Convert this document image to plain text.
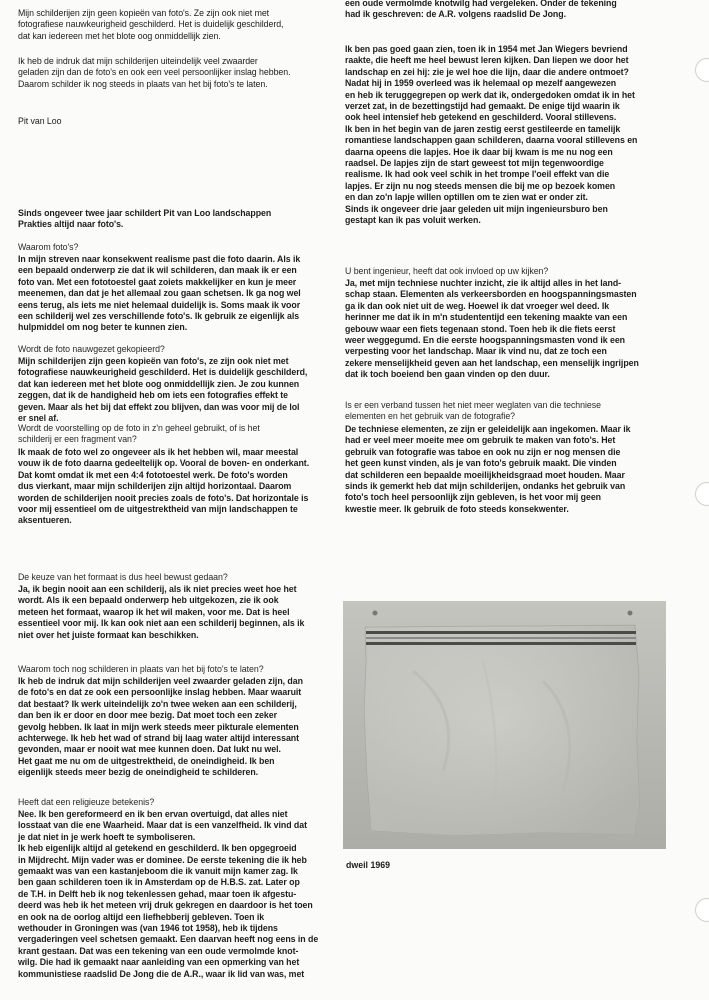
Mijn schilderijen zijn geen kopieën van foto's. Ze zijn ook niet met
fotografiese nauwkeurigheid geschilderd. Het is duidelijk geschilderd,
dat kan iedereen met het blote oog onmiddellijk zien.

Ik heb de indruk dat mijn schilderijen uiteindelijk veel zwaarder
geladen zijn dan de foto's en ook een veel persoonlijker inslag hebben.
Daarom schilder ik nog steeds in plaats van het bij foto's te laten.

Pit van Loo

Sinds ongeveer twee jaar schildert Pit van Loo landschappen
Prakties altijd naar foto's.

Waarom foto's?

In mijn streven naar konsekwent realisme past die foto daarin. Als ik
een bepaald onderwerp zie dat ik wil schilderen, dan maak ik er een
foto van. Met een fototoestel gaat zoiets makkelijker en kun je meer
meenemen, dan dat je het allemaal zou gaan schetsen. Ik ga nog wel
eens terug, als iets me niet helemaal duidelijk is. Soms maak ik voor
een schilderij wel zes verschillende foto's. Ik gebruik ze eigenlijk als
hulpmiddel om nog beter te kunnen zien.

Wordt de foto nauwgezet gekopieerd?

Mijn schilderijen zijn geen kopieën van foto's, ze zijn ook niet met
fotografiese nauwkeurigheid geschilderd. Het is duidelijk geschilderd,
dat kan iedereen met het blote oog onmiddellijk zien. Je zou kunnen
zeggen, dat ik de handigheid heb om iets een fotografies effekt te
geven. Maar als het bij dat effekt zou blijven, dan was voor mij de lol
er snel af.

Wordt de voorstelling op de foto in z'n geheel gebruikt, of is het
schilderij er een fragment van?

Ik maak de foto wel zo ongeveer als ik het hebben wil, maar meestal
vouw ik de foto daarna gedeeltelijk op. Vooral de boven- en onderkant.
Dat komt omdat ik met een 4:4 fototoestel werk. De foto's worden
dus vierkant, maar mijn schilderijen zijn altijd horizontaal. Daarom
worden de schilderijen nooit precies zoals de foto's. Dat horizontale is
voor mij essentieel om de uitgestrektheid van mijn landschappen te
aksentueren.

De keuze van het formaat is dus heel bewust gedaan?

Ja, ik begin nooit aan een schilderij, als ik niet precies weet hoe het
wordt. Als ik een bepaald onderwerp heb uitgekozen, zie ik ook
meteen het formaat, waarop ik het wil maken, voor me. Dat is heel
essentieel voor mij. Ik kan ook niet aan een schilderij beginnen, als ik
niet over het juiste formaat kan beschikken.

Waarom toch nog schilderen in plaats van het bij foto's te laten?

Ik heb de indruk dat mijn schilderijen veel zwaarder geladen zijn, dan
de foto's en dat ze ook een persoonlijke inslag hebben. Maar waaruit
dat bestaat? Ik werk uiteindelijk zo'n twee weken aan een schilderij,
dan ben ik er door en door mee bezig. Dat moet toch een zeker
gevolg hebben. Ik laat in mijn werk steeds meer pikturale elementen
achterwege. Ik heb het wad of strand bij laag water altijd interessant
gevonden, maar er nooit wat mee kunnen doen. Dat lukt nu wel.
Het gaat me nu om de uitgestrektheid, de oneindigheid. Ik ben
eigenlijk steeds meer bezig de oneindigheid te schilderen.

Heeft dat een religieuze betekenis?

Nee. Ik ben gereformeerd en ik ben ervan overtuigd, dat alles niet
losstaat van die ene Waarheid. Maar dat is een vanzelfheid. Ik vind dat
je dat niet in je werk hoeft te symboliseren.
Ik heb eigenlijk altijd al getekend en geschilderd. Ik ben opgegroeid
in Mijdrecht. Mijn vader was er dominee. De eerste tekening die ik heb
gemaakt was van een kastanjeboom die ik vanuit mijn kamer zag. Ik
ben gaan schilderen toen ik in Amsterdam op de H.B.S. zat. Later op
de T.H. in Delft heb ik nog tekenlessen gehad, maar toen ik afgestu-
deerd was heb ik het meteen vrij druk gekregen en daardoor is het toen
en ook na de oorlog altijd een liefhebberij gebleven. Toen ik
wethouder in Groningen was (van 1946 tot 1958), heb ik tijdens
vergaderingen veel schetsen gemaakt. Een daarvan heeft nog eens in de
krant gestaan. Dat was een tekening van een oude vermolmde knot-
wilg. Die had ik gemaakt naar aanleiding van een opmerking van het
kommunistiese raadslid De Jong die de A.R., waar ik lid van was, met

een oude vermolmde knotwilg had vergeleken. Onder de tekening
had ik geschreven: de A.R. volgens raadslid De Jong.

Ik ben pas goed gaan zien, toen ik in 1954 met Jan Wiegers bevriend
raakte, die heeft me heel bewust leren kijken. Dan liepen we door het
landschap en zei hij: zie je wel hoe die lijn, daar die andere ontmoet?
Nadat hij in 1959 overleed was ik helemaal op mezelf aangewezen
en heb ik teruggegrepen op werk dat ik, ondergedoken omdat ik in het
verzet zat, in de bezettingstijd had gemaakt. De enige tijd waarin ik
ook heel intensief heb getekend en geschilderd. Vooral stillevens.
Ik ben in het begin van de jaren zestig eerst gestileerde en tamelijk
romantiese landschappen gaan schilderen, daarna vooral stillevens en
daarna opeens die lapjes. Hoe ik daar bij kwam is me nu nog een
raadsel. De lapjes zijn de start geweest tot mijn tegenwoordige
realisme. Ik had ook veel schik in het trompe l'oeil effekt van die
lapjes. Er zijn nu nog steeds mensen die bij me op bezoek komen
en dan zo'n lapje willen optillen om te zien wat er onder zit.
Sinds ik ongeveer drie jaar geleden uit mijn ingenieursburo ben
gestapt kan ik pas voluit werken.

U bent ingenieur, heeft dat ook invloed op uw kijken?

Ja, met mijn techniese nuchter inzicht, zie ik altijd alles in het land-
schap staan. Elementen als verkeersborden en hoogspanningsmasten
ga ik dan ook niet uit de weg. Hoewel ik dat vroeger wel deed. Ik
herinner me dat ik in m'n studententijd een tekening maakte van een
gebouw waar een fiets tegenaan stond. Toen heb ik die fiets eerst
weer weggegumd. En die eerste hoogspanningsmasten vond ik een
verpesting voor het landschap. Maar ik vind nu, dat ze toch een
zekere menselijkheid geven aan het landschap, een menselijk ingrijpen
dat ik toch boeiend ben gaan vinden op den duur.

Is er een verband tussen het niet meer weglaten van die techniese
elementen en het gebruik van de fotografie?

De techniese elementen, ze zijn er geleidelijk aan ingekomen. Maar ik
had er veel meer moeite mee om gebruik te maken van foto's. Het
gebruik van fotografie was taboe en ook nu zijn er nog mensen die
het geen kunst vinden, als je van foto's gebruik maakt. Die vinden
dat schilderen een bepaalde moeilijkheidsgraad moet houden. Maar
sinds ik gemerkt heb dat mijn schilderijen, ondanks het gebruik van
foto's toch heel persoonlijk zijn gebleven, is het voor mij geen
kwestie meer. Ik gebruik de foto steeds konsekwenter.

dweil 1969
